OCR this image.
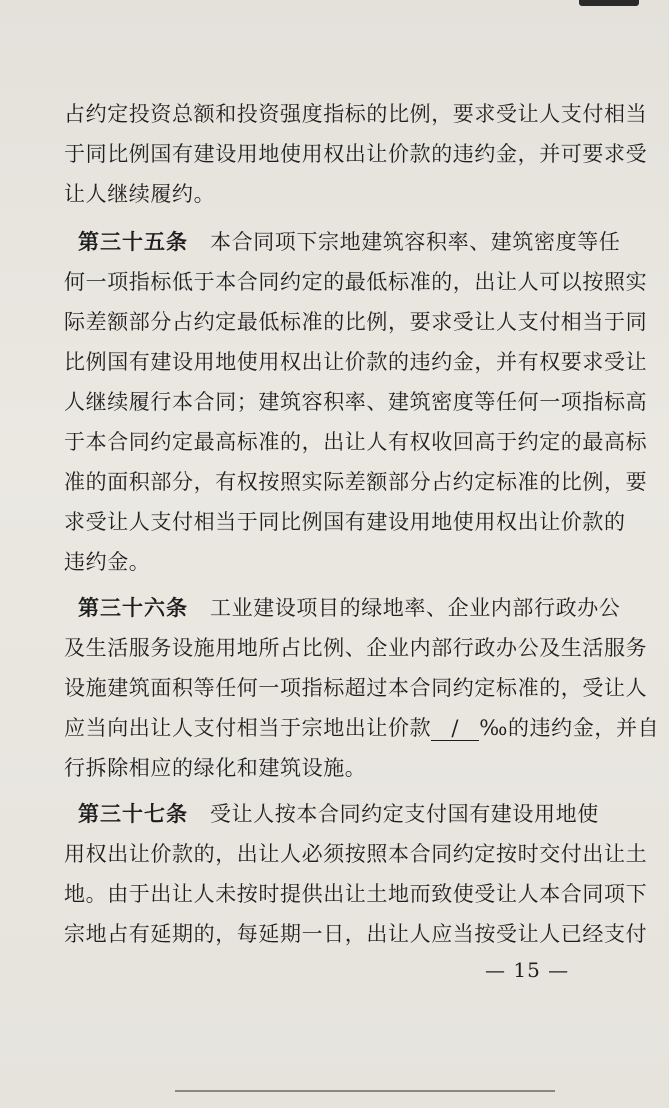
占约定投资总额和投资强度指标的比例，要求受让人支付相当
于同比例国有建设用地使用权出让价款的违约金，并可要求受
让人继续履约。
第三十五条 本合同项下宗地建筑容积率、建筑密度等任
何一项指标低于本合同约定的最低标准的，出让人可以按照实
际差额部分占约定最低标准的比例，要求受让人支付相当于同
比例国有建设用地使用权出让价款的违约金，并有权要求受让
人继续履行本合同；建筑容积率、建筑密度等任何一项指标高
于本合同约定最高标准的，出让人有权收回高于约定的最高标
准的面积部分，有权按照实际差额部分占约定标准的比例，要
求受让人支付相当于同比例国有建设用地使用权出让价款的
违约金。
第三十六条 工业建设项目的绿地率、企业内部行政办公
及生活服务设施用地所占比例、企业内部行政办公及生活服务
设施建筑面积等任何一项指标超过本合同约定标准的，受让人
应当向出让人支付相当于宗地出让价款 / ‰的违约金，并自
行拆除相应的绿化和建筑设施。
第三十七条 受让人按本合同约定支付国有建设用地使
用权出让价款的，出让人必须按照本合同约定按时交付出让土
地。由于出让人未按时提供出让土地而致使受让人本合同项下
宗地占有延期的，每延期一日，出让人应当按受让人已经支付
— 15 —
